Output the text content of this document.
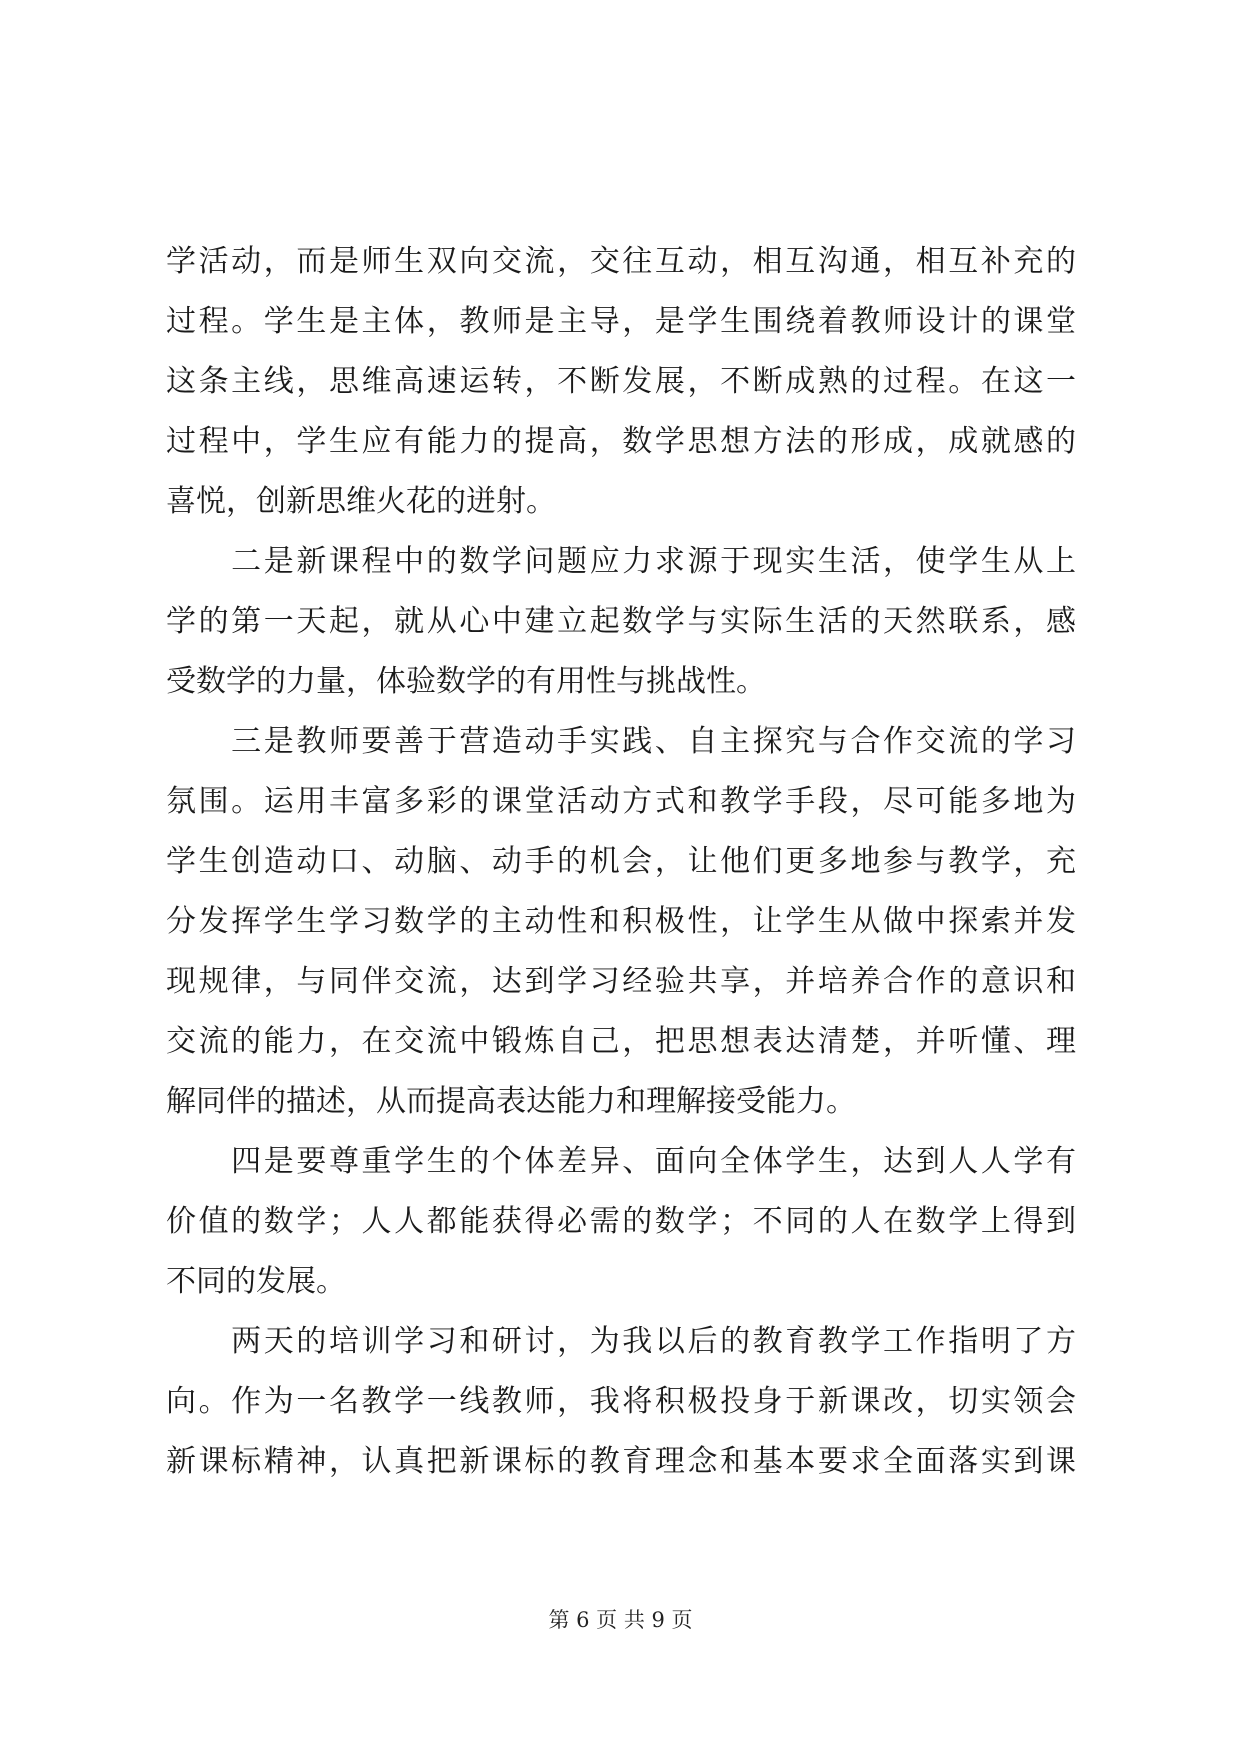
学活动，而是师生双向交流，交往互动，相互沟通，相互补充的
过程。学生是主体，教师是主导，是学生围绕着教师设计的课堂
这条主线，思维高速运转，不断发展，不断成熟的过程。在这一
过程中，学生应有能力的提高，数学思想方法的形成，成就感的
喜悦，创新思维火花的迸射。
　　二是新课程中的数学问题应力求源于现实生活，使学生从上
学的第一天起，就从心中建立起数学与实际生活的天然联系，感
受数学的力量，体验数学的有用性与挑战性。
　　三是教师要善于营造动手实践、自主探究与合作交流的学习
氛围。运用丰富多彩的课堂活动方式和教学手段，尽可能多地为
学生创造动口、动脑、动手的机会，让他们更多地参与教学，充
分发挥学生学习数学的主动性和积极性，让学生从做中探索并发
现规律，与同伴交流，达到学习经验共享，并培养合作的意识和
交流的能力，在交流中锻炼自己，把思想表达清楚，并听懂、理
解同伴的描述，从而提高表达能力和理解接受能力。
　　四是要尊重学生的个体差异、面向全体学生，达到人人学有
价值的数学；人人都能获得必需的数学；不同的人在数学上得到
不同的发展。
　　两天的培训学习和研讨，为我以后的教育教学工作指明了方
向。作为一名教学一线教师，我将积极投身于新课改，切实领会
新课标精神，认真把新课标的教育理念和基本要求全面落实到课
第 6 页 共 9 页
